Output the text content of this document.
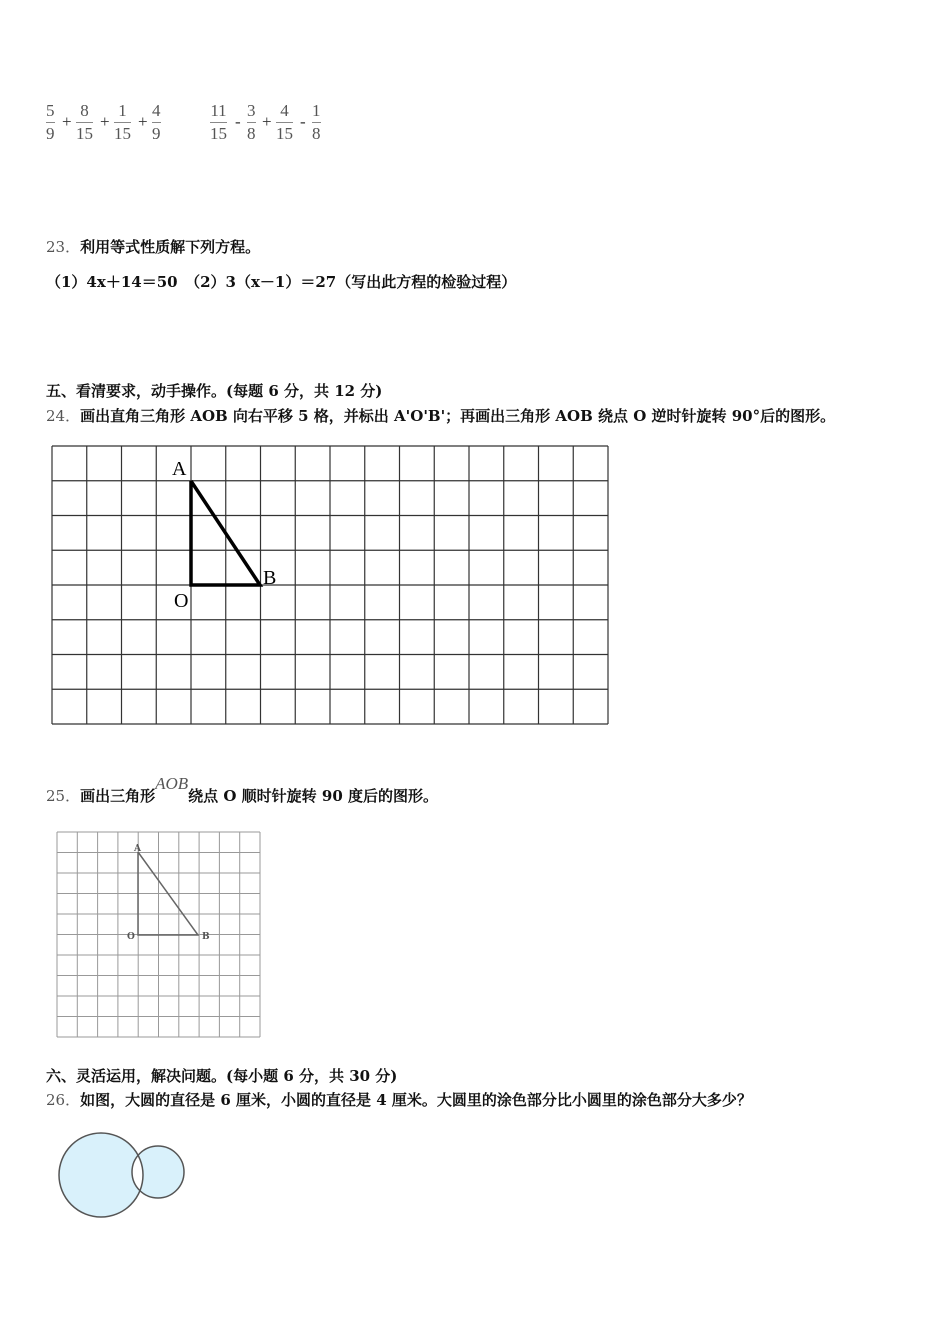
5
9
+
8
15
+
1
15
+
4
9
11
15
-
3
8
+
4
15
-
1
8
23．利用等式性质解下列方程。
（1）4x＋14＝50　（2）3（x－1）＝27（写出此方程的检验过程）
五、看清要求，动手操作。(每题 6 分，共 12 分)
24．画出直角三角形 AOB 向右平移 5 格，并标出 A'O'B'；再画出三角形 AOB 绕点 O 逆时针旋转 90°后的图形。
A
O
B
A
O	B
25．画出三角形AOB绕点 O 顺时针旋转 90 度后的图形。
六、灵活运用，解决问题。(每小题 6 分，共 30 分)
26．如图，大圆的直径是 6 厘米，小圆的直径是 4 厘米。大圆里的涂色部分比小圆里的涂色部分大多少？
